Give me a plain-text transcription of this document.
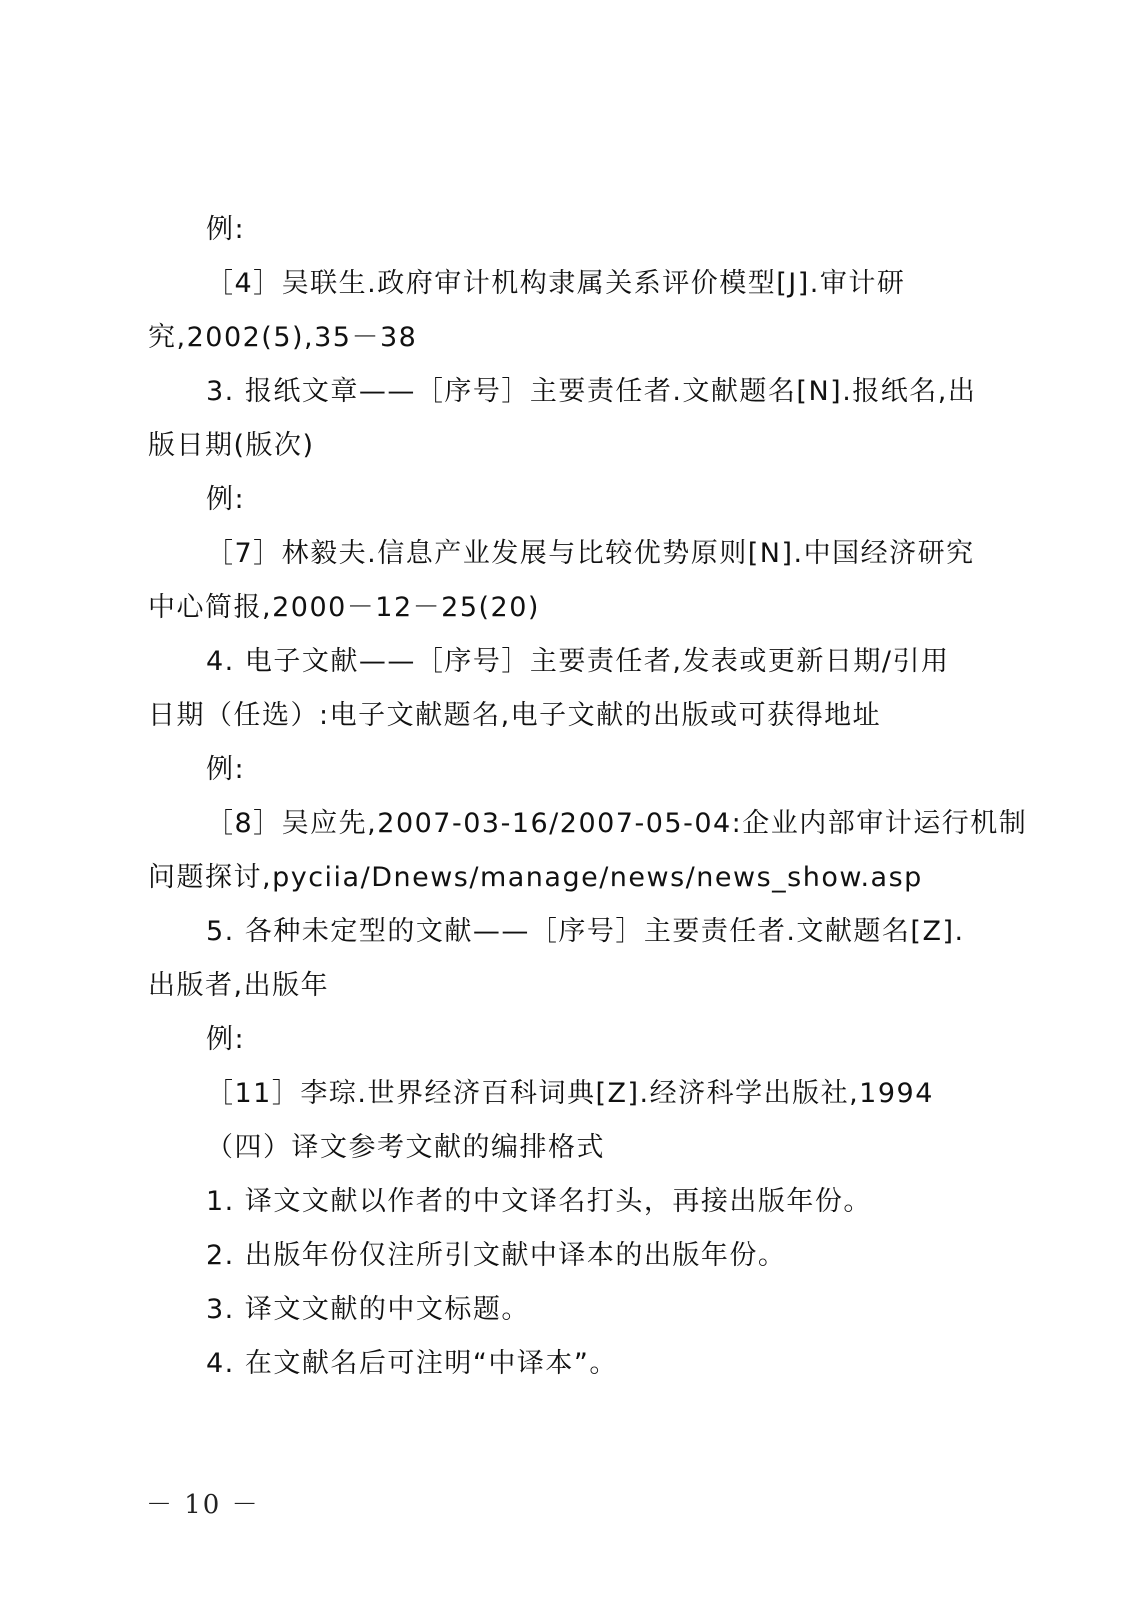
例:
［4］吴联生.政府审计机构隶属关系评价模型[J].审计研
究,2002(5),35－38
3. 报纸文章——［序号］主要责任者.文献题名[N].报纸名,出
版日期(版次)
例:
［7］林毅夫.信息产业发展与比较优势原则[N].中国经济研究
中心简报,2000－12－25(20)
4. 电子文献——［序号］主要责任者,发表或更新日期/引用
日期（任选）:电子文献题名,电子文献的出版或可获得地址
例:
［8］吴应先,2007-03-16/2007-05-04:企业内部审计运行机制
问题探讨,pyciia/Dnews/manage/news/news_show.asp
5. 各种未定型的文献——［序号］主要责任者.文献题名[Z].
出版者,出版年
例:
［11］李琮.世界经济百科词典[Z].经济科学出版社,1994
（四）译文参考文献的编排格式
1. 译文文献以作者的中文译名打头，再接出版年份。
2. 出版年份仅注所引文献中译本的出版年份。
3. 译文文献的中文标题。
4. 在文献名后可注明“中译本”。
－ 10 －
